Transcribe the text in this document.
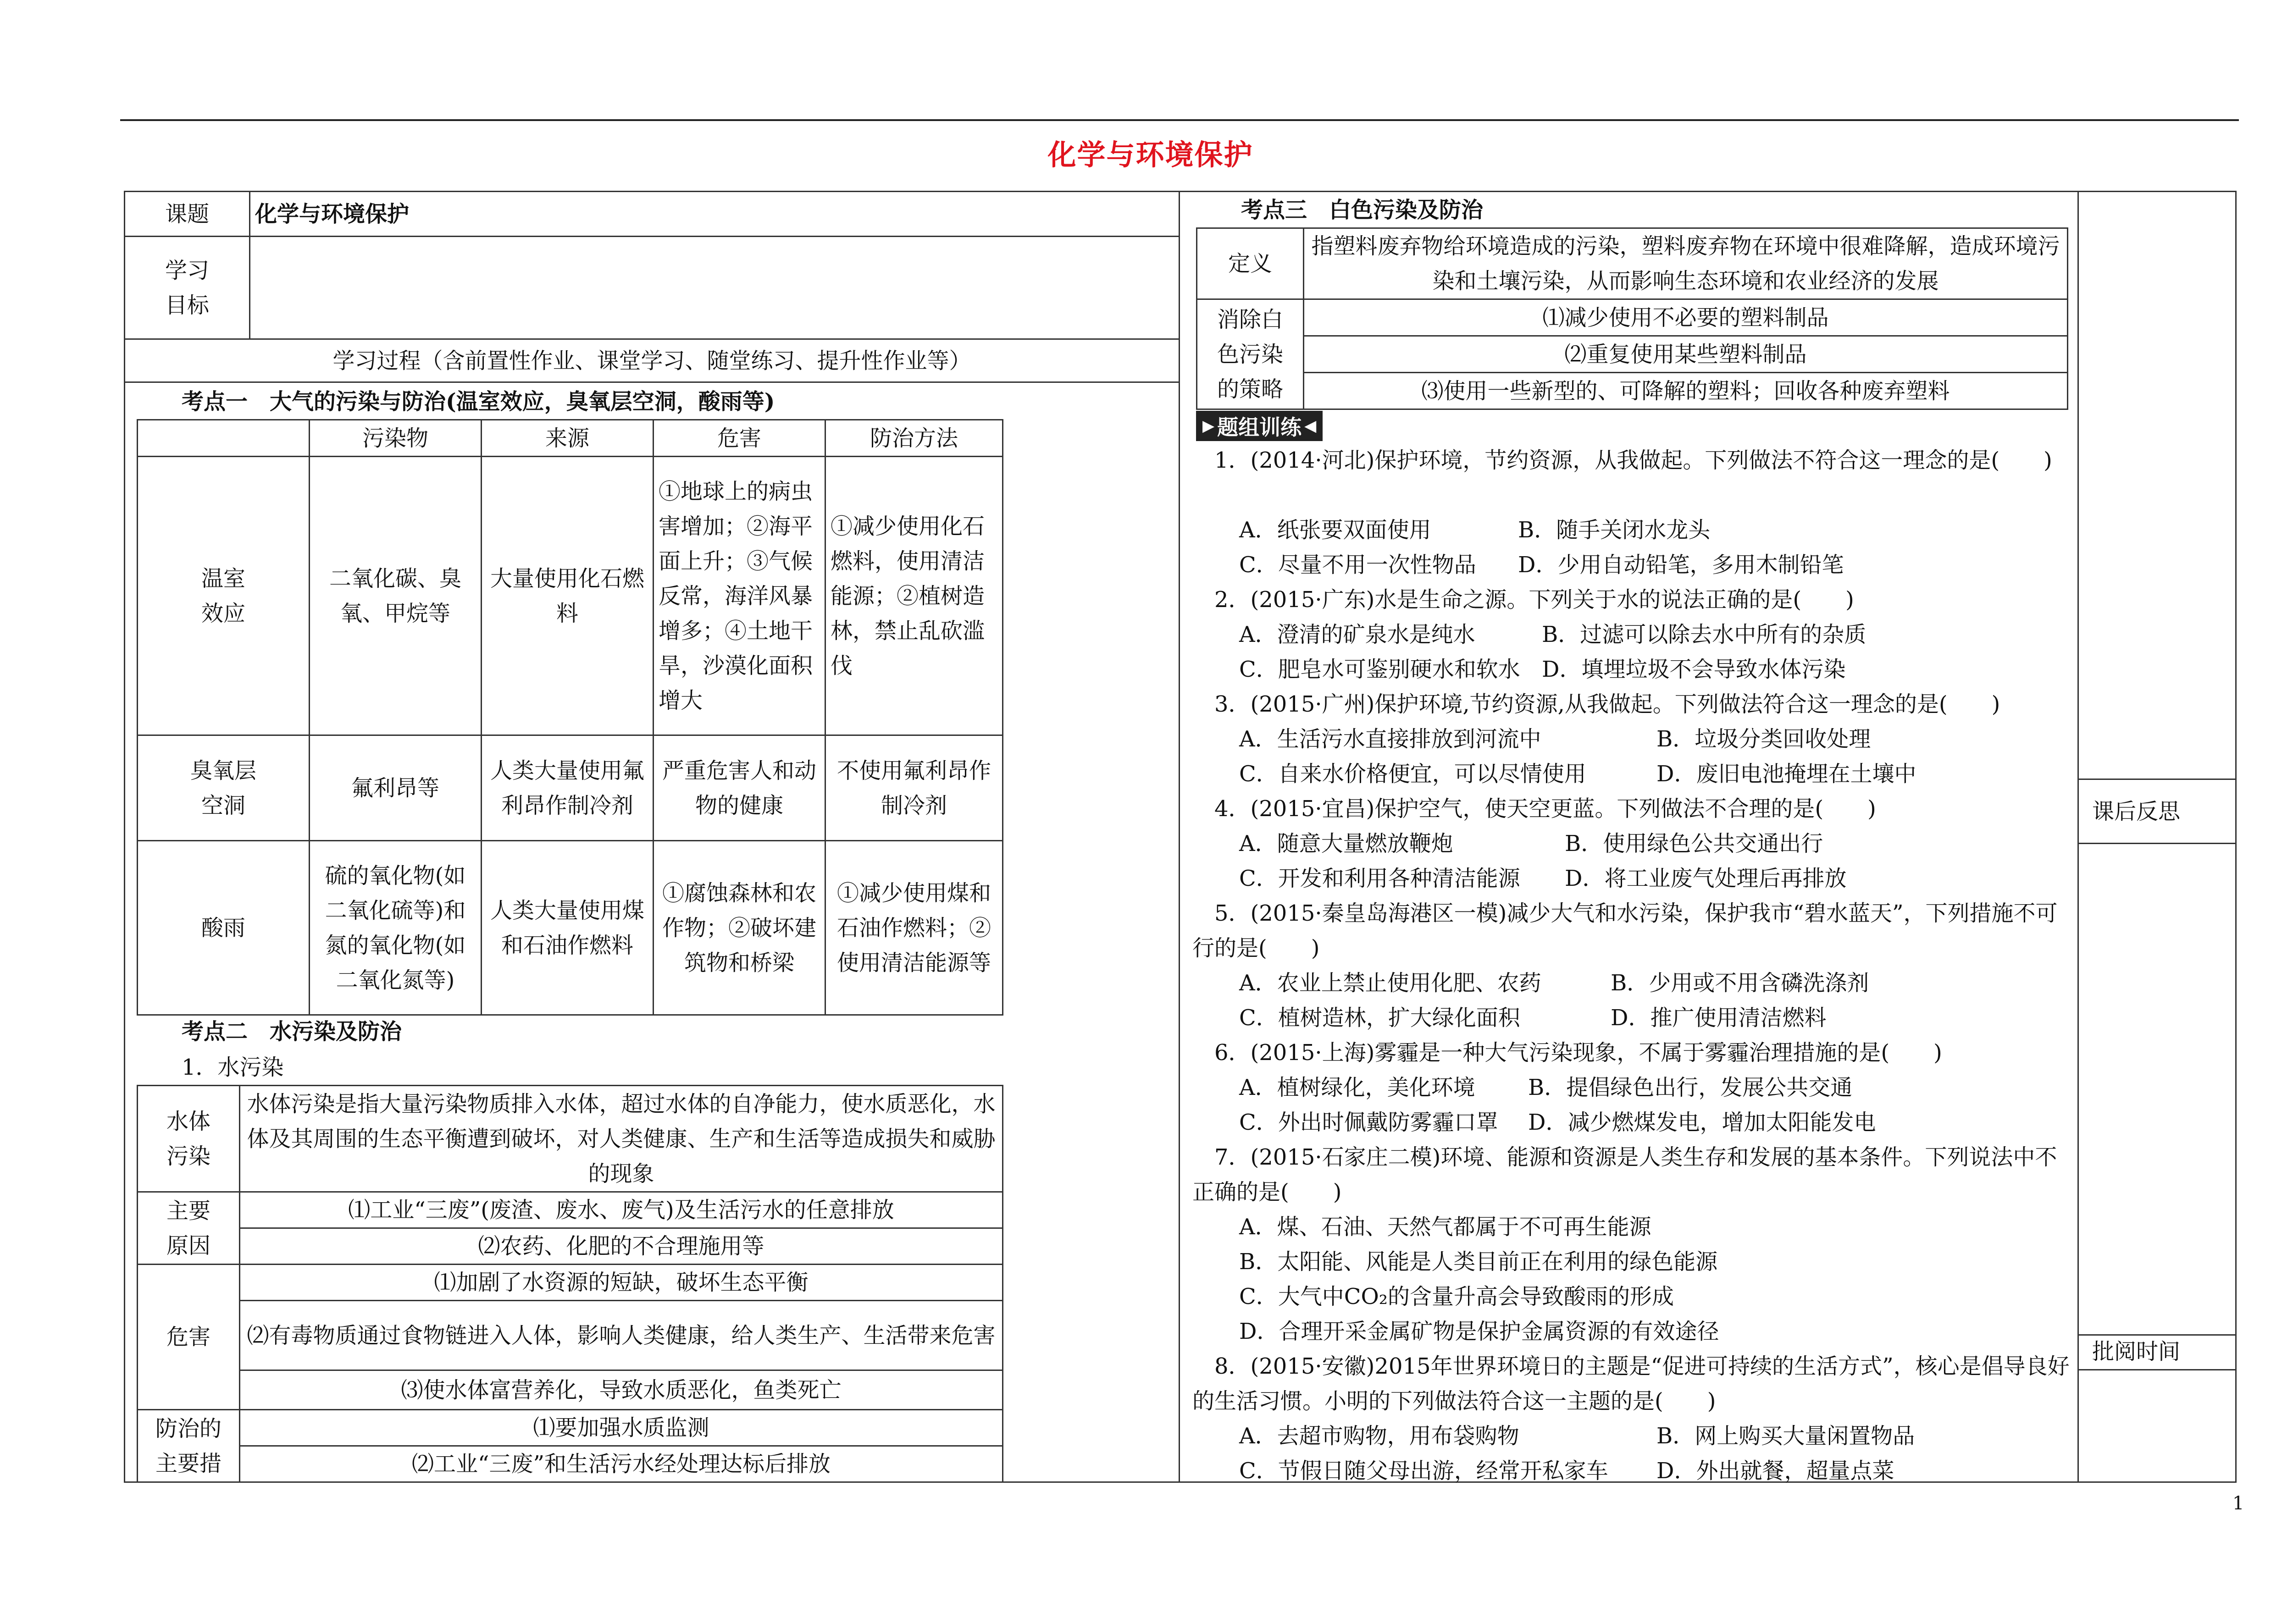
化学与环境保护
课题	化学与环境保护

学习目标	

学习过程（含前置性作业、课堂学习、随堂练习、提升性作业等）	
考点一　大气的污染与防治(温室效应，臭氧层空洞，酸雨等)
	污染物	来源	危害	防治方法

温室效应	二氧化碳、臭氧、甲烷等	大量使用化石燃料	①地球上的病虫害增加；②海平面上升；③气候反常，海洋风暴增多；④土地干旱，沙漠化面积增大	①减少使用化石燃料，使用清洁能源；②植树造林，禁止乱砍滥伐

臭氧层空洞	氟利昂等	人类大量使用氟利昂作制冷剂	严重危害人和动物的健康	不使用氟利昂作制冷剂
酸雨	硫的氧化物(如二氧化硫等)和氮的氧化物(如二氧化氮等)	人类大量使用煤和石油作燃料	①腐蚀森林和农作物；②破坏建筑物和桥梁	①减少使用煤和石油作燃料；②使用清洁能源等
考点二　水污染及防治
1．水污染
水体污染	水体污染是指大量污染物质排入水体，超过水体的自净能力，使水质恶化，水体及其周围的生态平衡遭到破坏，对人类健康、生产和生活等造成损失和威胁的现象

主要原因	⑴工业“三废”(废渣、废水、废气)及生活污水的任意排放
	⑵农药、化肥的不合理施用等
危害	⑴加剧了水资源的短缺，破坏生态平衡
	⑵有毒物质通过食物链进入人体，影响人类健康，给人类生产、生活带来危害
	⑶使水体富营养化，导致水质恶化，鱼类死亡

防治的主要措	⑴要加强水质监测
	⑵工业“三废”和生活污水经处理达标后排放
考点三　白色污染及防治
定义	指塑料废弃物给环境造成的污染，塑料废弃物在环境中很难降解，造成环境污染和土壤污染，从而影响生态环境和农业经济的发展

消除白色污染的策略	⑴减少使用不必要的塑料制品
	⑵重复使用某些塑料制品
	⑶使用一些新型的、可降解的塑料；回收各种废弃塑料
▶ 题组训练 ◀
1．(2014·河北)保护环境，节约资源，从我做起。下列做法不符合这一理念的是(　　)
A．纸张要双面使用	B．随手关闭水龙头
C．尽量不用一次性物品 D．少用自动铅笔，多用木制铅笔
2．(2015·广东)水是生命之源。下列关于水的说法正确的是(　　)
A．澄清的矿泉水是纯水	B．过滤可以除去水中所有的杂质
C．肥皂水可鉴别硬水和软水 D．填埋垃圾不会导致水体污染
3．(2015·广州)保护环境,节约资源,从我做起。下列做法符合这一理念的是(　　)
A．生活污水直接排放到河流中	B．垃圾分类回收处理
C．自来水价格便宜，可以尽情使用	D．废旧电池掩埋在土壤中
4．(2015·宜昌)保护空气，使天空更蓝。下列做法不合理的是(　　)
A．随意大量燃放鞭炮	B．使用绿色公共交通出行
C．开发和利用各种清洁能源 D．将工业废气处理后再排放
5．(2015·秦皇岛海港区一模)减少大气和水污染，保护我市“碧水蓝天”，下列措施不可行的是(　　)
A．农业上禁止使用化肥、农药	B．少用或不用含磷洗涤剂
C．植树造林，扩大绿化面积	D．推广使用清洁燃料
6．(2015·上海)雾霾是一种大气污染现象，不属于雾霾治理措施的是(　　)
A．植树绿化，美化环境 B．提倡绿色出行，发展公共交通
C．外出时佩戴防雾霾口罩 D．减少燃煤发电，增加太阳能发电
7．(2015·石家庄二模)环境、能源和资源是人类生存和发展的基本条件。下列说法中不正确的是(　　)
A．煤、石油、天然气都属于不可再生能源
B．太阳能、风能是人类目前正在利用的绿色能源
C．大气中CO₂的含量升高会导致酸雨的形成
D．合理开采金属矿物是保护金属资源的有效途径
8．(2015·安徽)2015年世界环境日的主题是“促进可持续的生活方式”，核心是倡导良好的生活习惯。小明的下列做法符合这一主题的是(　　)
A．去超市购物，用布袋购物	B．网上购买大量闲置物品
C．节假日随父母出游，经常开私家车 D．外出就餐，超量点菜
课后反思
批阅时间
1
